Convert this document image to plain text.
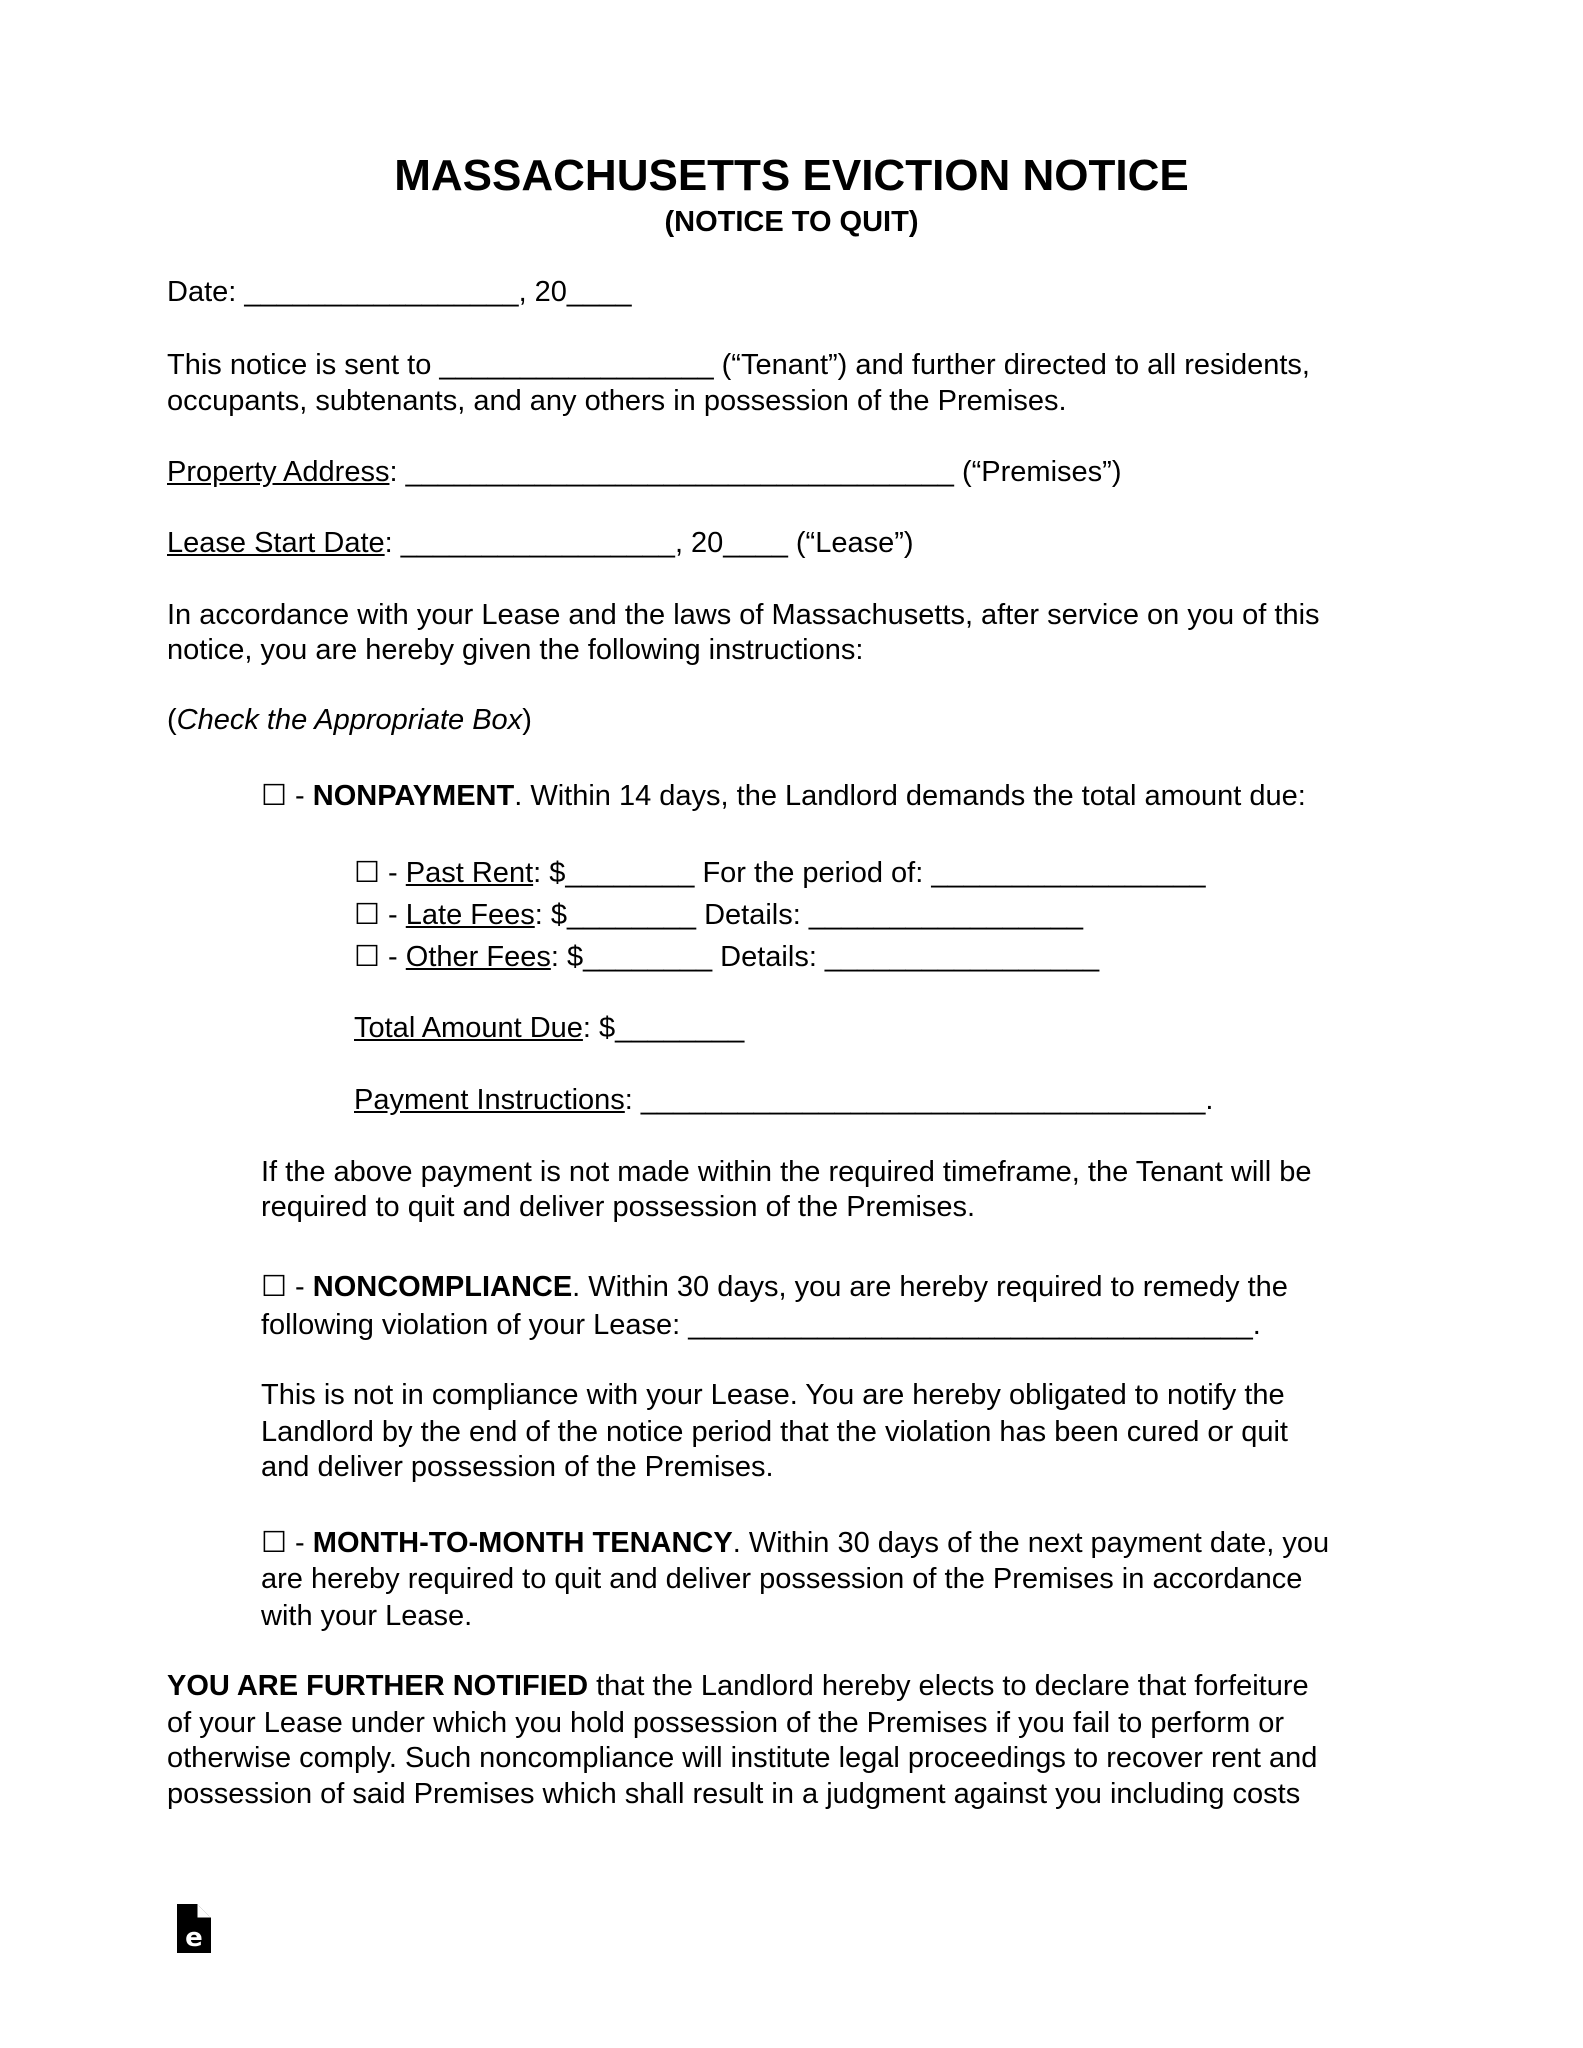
MASSACHUSETTS EVICTION NOTICE
(NOTICE TO QUIT)
Date: _________________, 20____
This notice is sent to _________________ (“Tenant”) and further directed to all residents,
occupants, subtenants, and any others in possession of the Premises.
Property Address: __________________________________ (“Premises”)
Lease Start Date: _________________, 20____ (“Lease”)
In accordance with your Lease and the laws of Massachusetts, after service on you of this
notice, you are hereby given the following instructions:
(Check the Appropriate Box)
☐ - NONPAYMENT. Within 14 days, the Landlord demands the total amount due:
☐ - Past Rent: $________ For the period of: _________________
☐ - Late Fees: $________ Details: _________________
☐ - Other Fees: $________ Details: _________________
Total Amount Due: $________
Payment Instructions: ___________________________________.
If the above payment is not made within the required timeframe, the Tenant will be
required to quit and deliver possession of the Premises.
☐ - NONCOMPLIANCE. Within 30 days, you are hereby required to remedy the
following violation of your Lease: ___________________________________.
This is not in compliance with your Lease. You are hereby obligated to notify the
Landlord by the end of the notice period that the violation has been cured or quit
and deliver possession of the Premises.
☐ - MONTH-TO-MONTH TENANCY. Within 30 days of the next payment date, you
are hereby required to quit and deliver possession of the Premises in accordance
with your Lease.
YOU ARE FURTHER NOTIFIED that the Landlord hereby elects to declare that forfeiture
of your Lease under which you hold possession of the Premises if you fail to perform or
otherwise comply. Such noncompliance will institute legal proceedings to recover rent and
possession of said Premises which shall result in a judgment against you including costs
e
